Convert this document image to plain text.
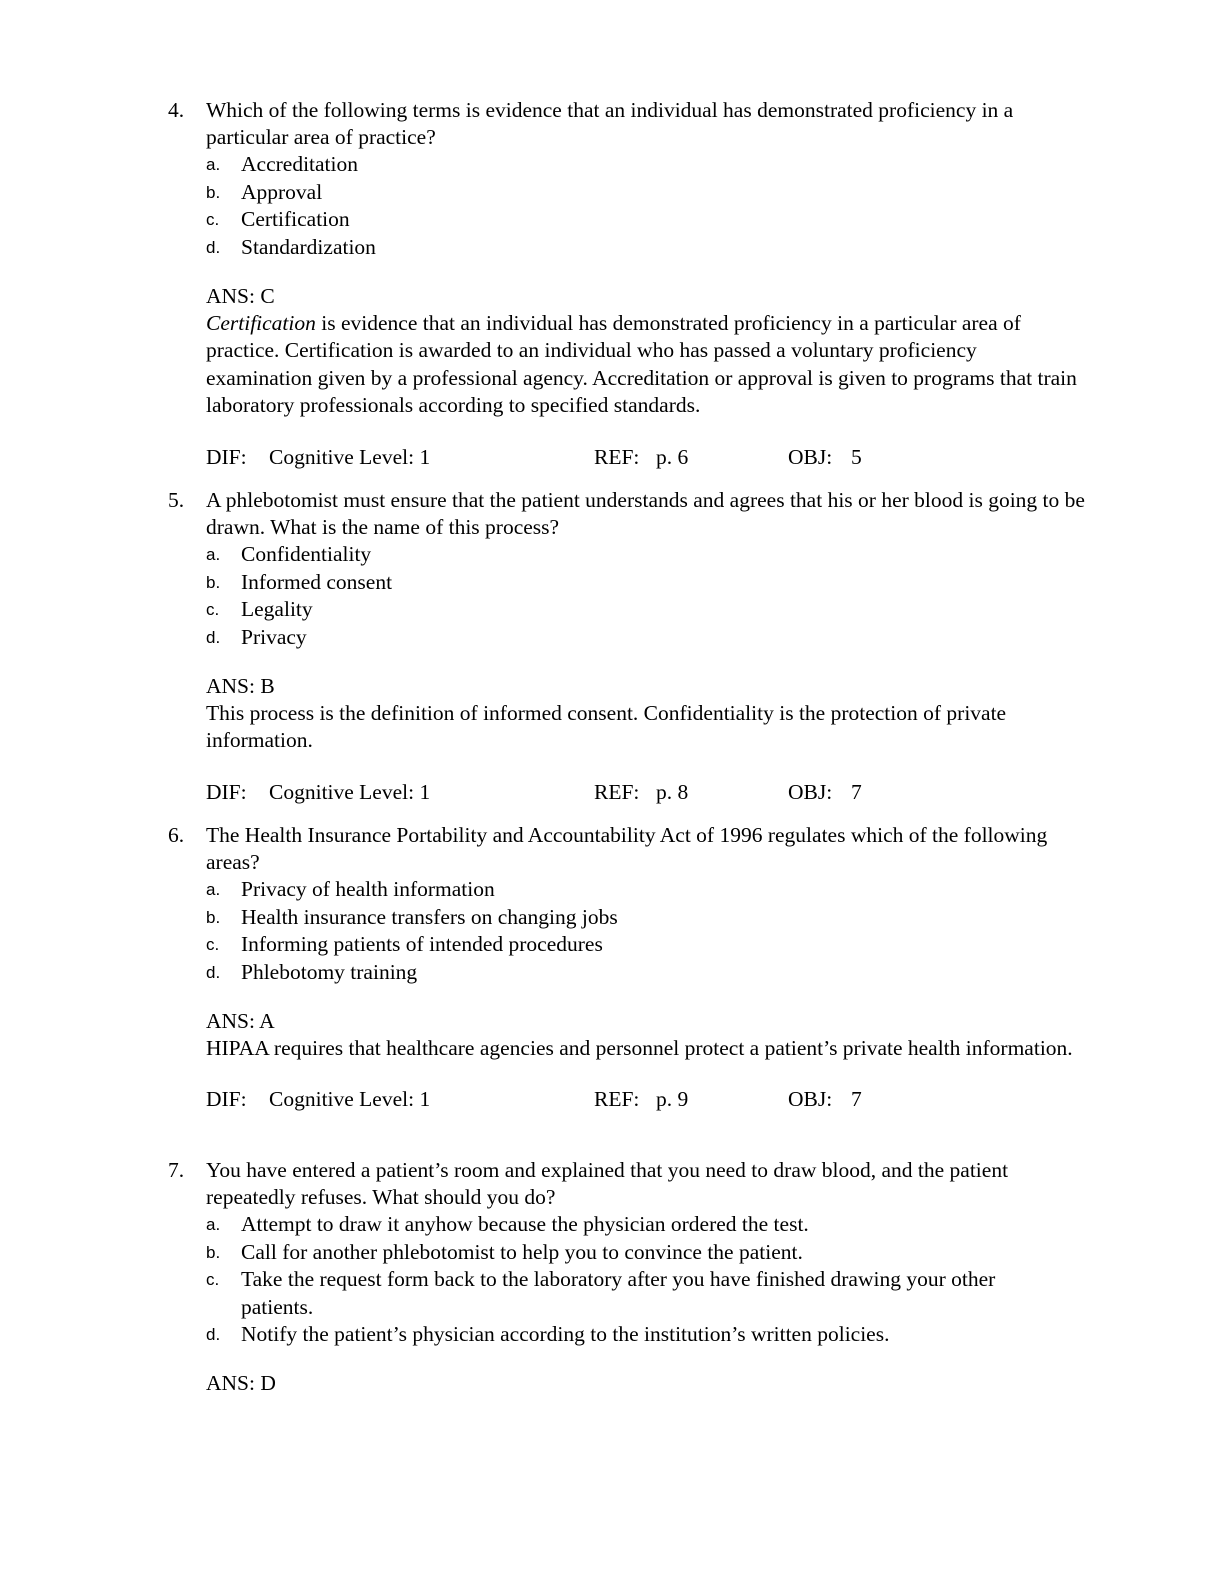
4.	Which of the following terms is evidence that an individual has demonstrated proficiency in a particular area of practice?
a. Accreditation
b. Approval
c. Certification
d. Standardization
ANS: C
Certification is evidence that an individual has demonstrated proficiency in a particular area of practice. Certification is awarded to an individual who has passed a voluntary proficiency examination given by a professional agency. Accreditation or approval is given to programs that train laboratory professionals according to specified standards.
DIF: Cognitive Level: 1	REF: p. 6	OBJ: 5
5.	A phlebotomist must ensure that the patient understands and agrees that his or her blood is going to be drawn. What is the name of this process?
a. Confidentiality
b. Informed consent
c. Legality
d. Privacy
ANS: B
This process is the definition of informed consent. Confidentiality is the protection of private information.
DIF: Cognitive Level: 1	REF: p. 8	OBJ: 7
6.	The Health Insurance Portability and Accountability Act of 1996 regulates which of the following areas?
a. Privacy of health information
b. Health insurance transfers on changing jobs
c. Informing patients of intended procedures
d. Phlebotomy training
ANS: A
HIPAA requires that healthcare agencies and personnel protect a patient’s private health information.
DIF: Cognitive Level: 1	REF: p. 9	OBJ: 7
7.	You have entered a patient’s room and explained that you need to draw blood, and the patient repeatedly refuses. What should you do?
a. Attempt to draw it anyhow because the physician ordered the test.
b. Call for another phlebotomist to help you to convince the patient.
c. Take the request form back to the laboratory after you have finished drawing your other patients.
d. Notify the patient’s physician according to the institution’s written policies.
ANS: D
